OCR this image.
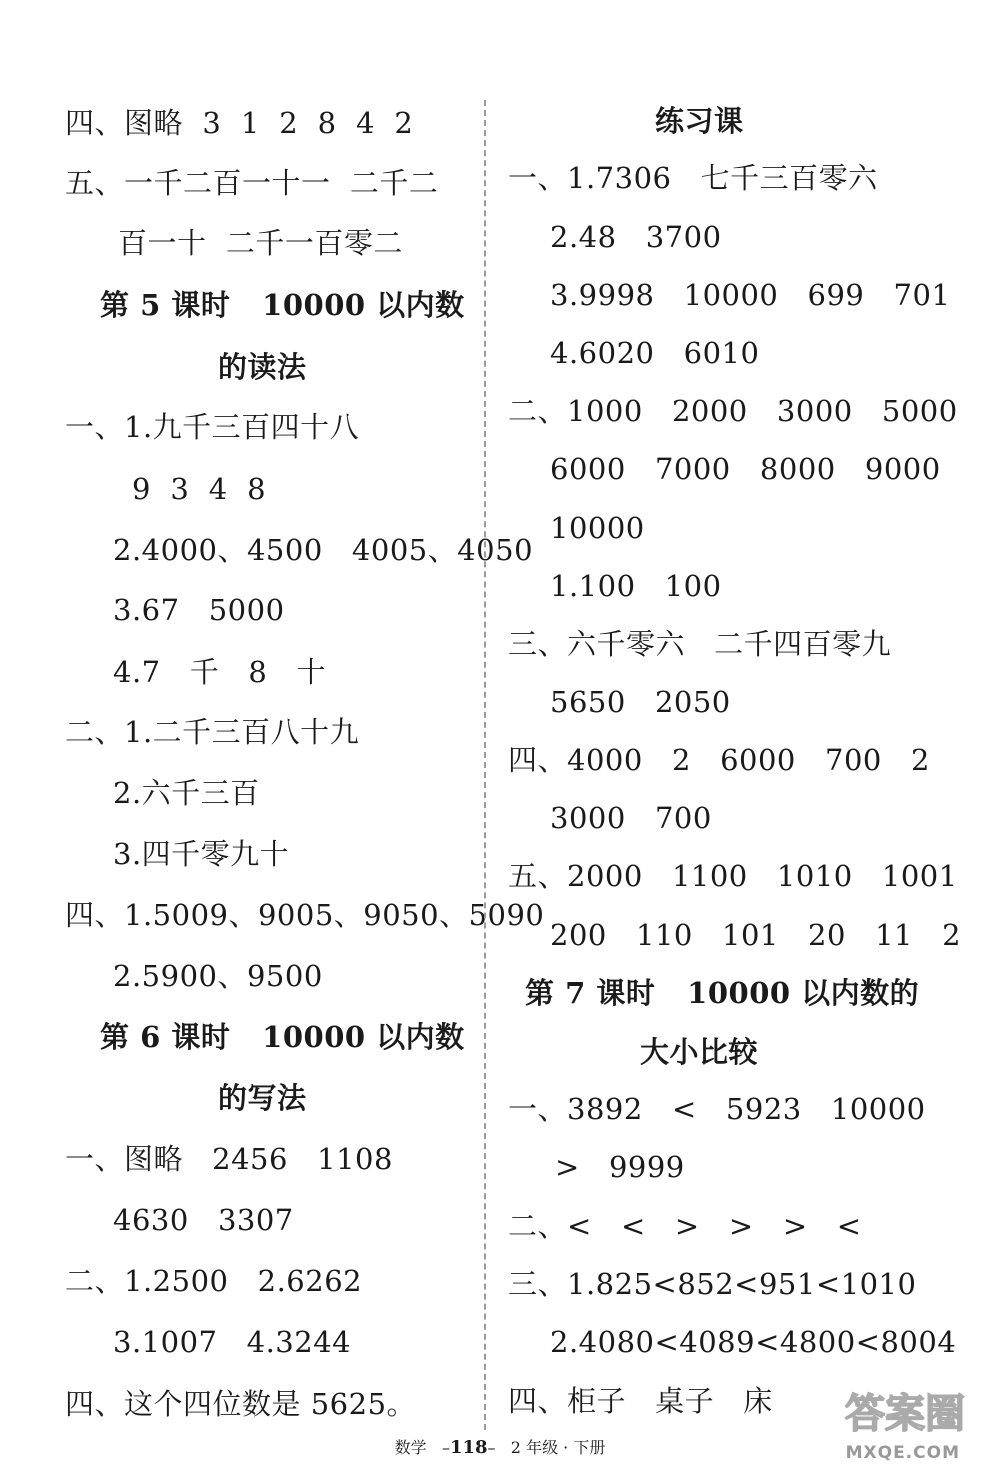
四、图略  3  1  2  8  4  2
五、一千二百一十一  二千二
百一十  二千一百零二
第 5 课时   10000 以内数
的读法
一、1.九千三百四十八
9  3  4  8
2.4000、4500   4005、4050
3.67   5000
4.7   千   8   十
二、1.二千三百八十九
2.六千三百
3.四千零九十
四、1.5009、9005、9050、5090
2.5900、9500
第 6 课时   10000 以内数
的写法
一、图略   2456   1108
4630   3307
二、1.2500   2.6262
3.1007   4.3244
四、这个四位数是 5625。
练习课
一、1.7306   七千三百零六
2.48   3700
3.9998   10000   699   701
4.6020   6010
二、1000   2000   3000   5000
6000   7000   8000   9000
10000
1.100   100
三、六千零六   二千四百零九
5650   2050
四、4000   2   6000   700   2
3000   700
五、2000   1100   1010   1001
200   110   101   20   11   2
第 7 课时   10000 以内数的
大小比较
一、3892   <   5923   10000
>   9999
二、<   <   >   >   >   <
三、1.825<852<951<1010
2.4080<4089<4800<8004
四、柜子   桌子   床
数学   –118–   2 年级 · 下册
答案圈
MXQE.COM
